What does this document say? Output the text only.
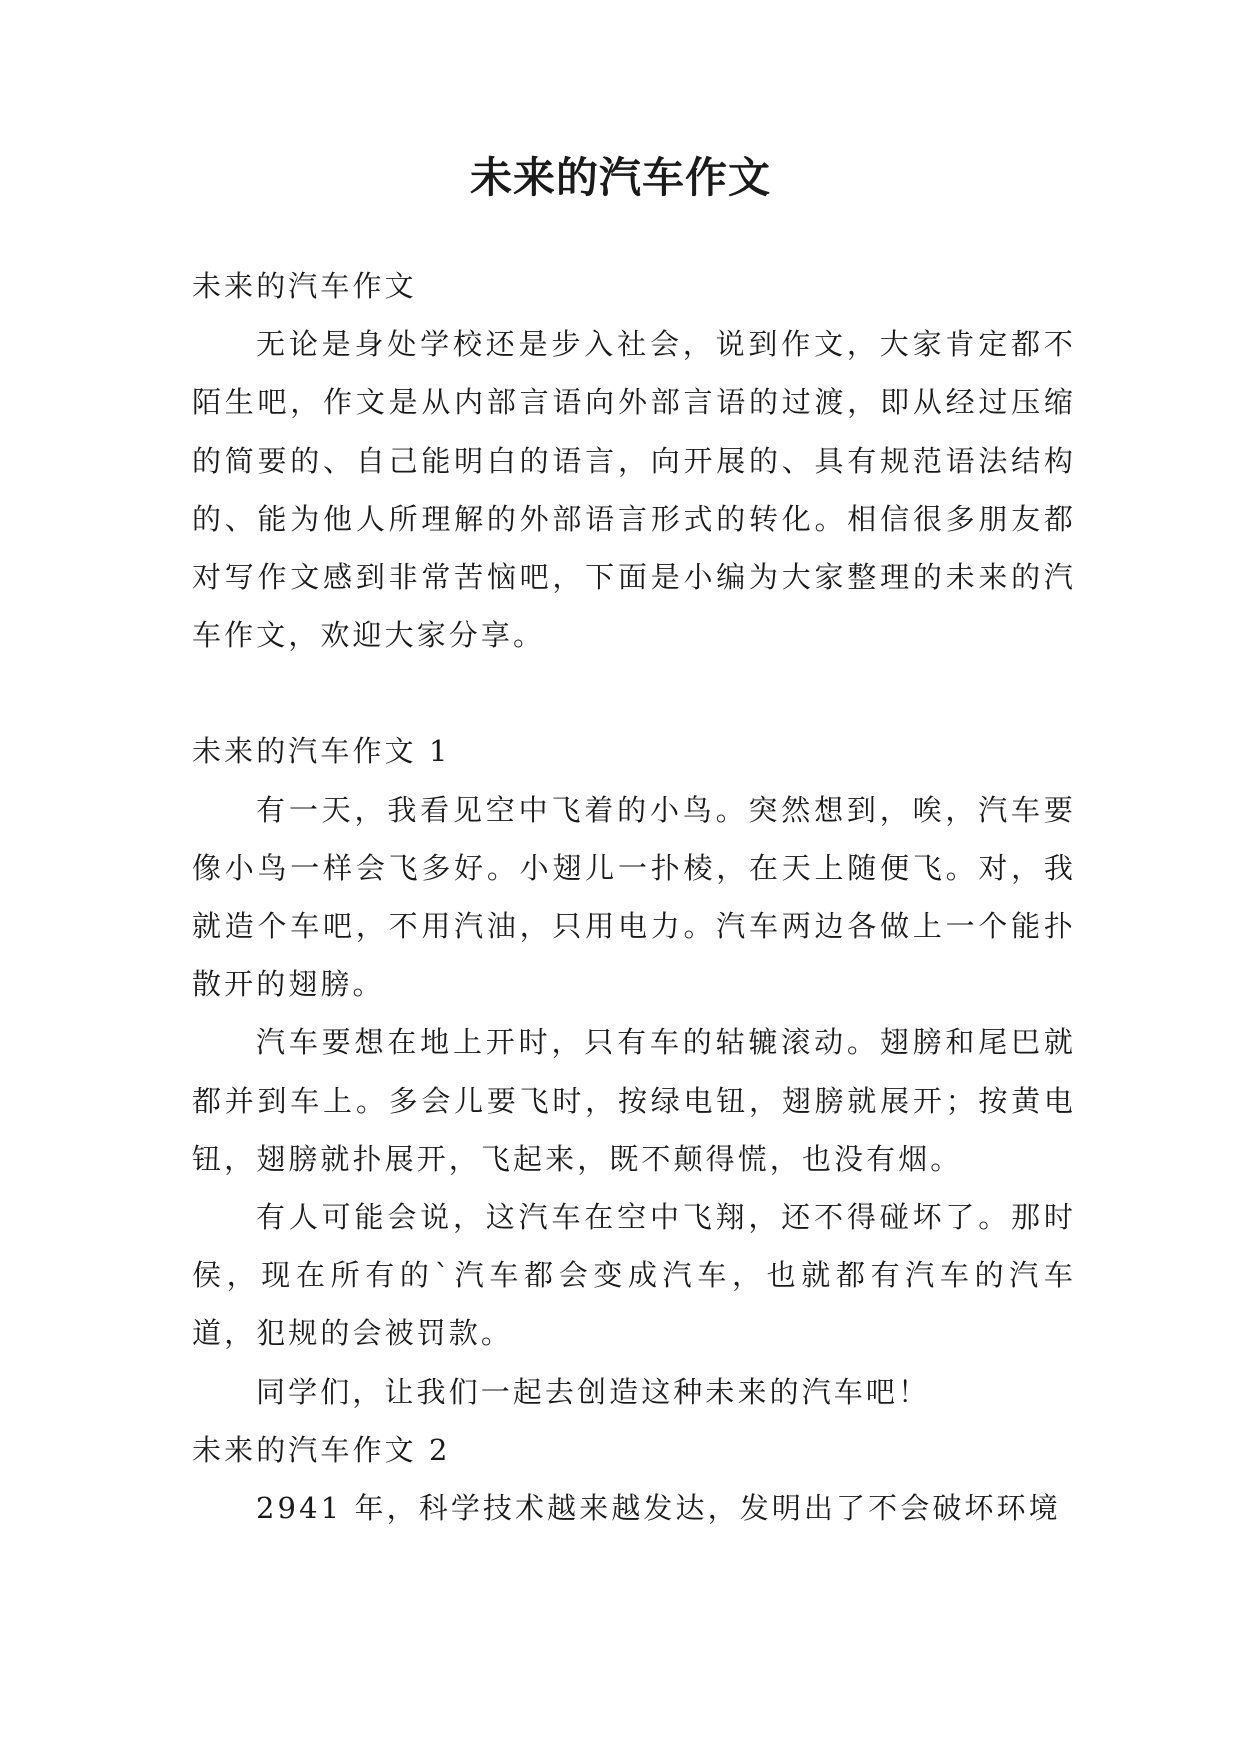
未来的汽车作文

未来的汽车作文

无论是身处学校还是步入社会，说到作文，大家肯定都不陌生吧，作文是从内部言语向外部言语的过渡，即从经过压缩的简要的、自己能明白的语言，向开展的、具有规范语法结构的、能为他人所理解的外部语言形式的转化。相信很多朋友都对写作文感到非常苦恼吧，下面是小编为大家整理的未来的汽车作文，欢迎大家分享。

未来的汽车作文 1

有一天，我看见空中飞着的小鸟。突然想到，唉，汽车要像小鸟一样会飞多好。小翅儿一扑棱，在天上随便飞。对，我就造个车吧，不用汽油，只用电力。汽车两边各做上一个能扑散开的翅膀。

汽车要想在地上开时，只有车的轱辘滚动。翅膀和尾巴就都并到车上。多会儿要飞时，按绿电钮，翅膀就展开；按黄电钮，翅膀就扑展开，飞起来，既不颠得慌，也没有烟。

有人可能会说，这汽车在空中飞翔，还不得碰坏了。那时侯，现在所有的`汽车都会变成汽车，也就都有汽车的汽车道，犯规的会被罚款。

同学们，让我们一起去创造这种未来的汽车吧！

未来的汽车作文 2

2941 年，科学技术越来越发达，发明出了不会破坏环境
